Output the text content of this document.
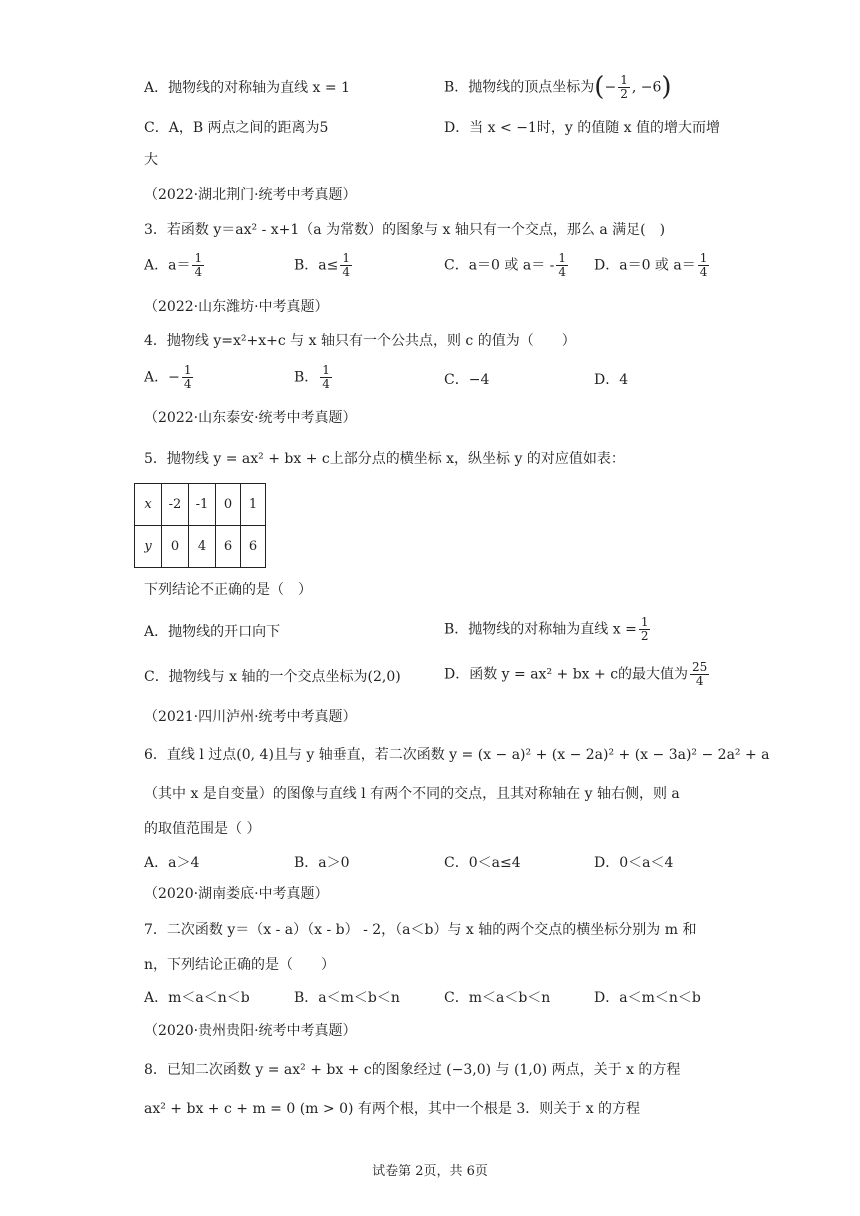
A．抛物线的对称轴为直线 x = 1	B．抛物线的顶点坐标为(− $\frac{1}{2}$ , −6)
C．A，B 两点之间的距离为5	D．当 x < −1时，y 的值随 x 值的增大而增
大
（2022·湖北荆门·统考中考真题）
3．若函数 y＝ax² - x+1（a 为常数）的图象与 x 轴只有一个交点，那么 a 满足(　)
A．$a= \frac{1}{4}$	B．$a\le \frac{1}{4}$	C．a＝0 或 $a= - \frac{1}{4}$ D．a＝0 或 $a= \frac{1}{4}$
（2022·山东潍坊·中考真题）
4．抛物线 y=x²+x+c 与 x 轴只有一个公共点，则 c 的值为（　　）
A．− $\frac{1}{4}$	B． $\frac{1}{4}$	C．−4	D．4
（2022·山东泰安·统考中考真题）
5．抛物线 y = ax² + bx + c上部分点的横坐标 x，纵坐标 y 的对应值如表：
x	-2	-1	0	1
y	0	4	6	6
下列结论不正确的是（　）
A．抛物线的开口向下	B．抛物线的对称轴为直线 $x = \frac{1}{2}$
C．抛物线与 x 轴的一个交点坐标为(2,0)	D．函数 y = ax² + bx + c的最大值为 $\frac{25}{4}$
（2021·四川泸州·统考中考真题）
6．直线 l 过点(0, 4)且与 y 轴垂直，若二次函数 y = (x − a)² + (x − 2a)² + (x − 3a)² − 2a² + a
（其中 x 是自变量）的图像与直线 l 有两个不同的交点，且其对称轴在 y 轴右侧，则 a
的取值范围是（ ）
A．a＞4	B．a＞0	C．0＜a≤4	D．0＜a＜4
（2020·湖南娄底·中考真题）
7．二次函数 y＝（x - a）（x - b） - 2，（a＜b）与 x 轴的两个交点的横坐标分别为 m 和
n，下列结论正确的是（　　）
A．m＜a＜n＜b	B．a＜m＜b＜n	C．m＜a＜b＜n	D．a＜m＜n＜b
（2020·贵州贵阳·统考中考真题）
8．已知二次函数 y = ax² + bx + c的图象经过 (−3,0) 与 (1,0) 两点，关于 x 的方程
ax² + bx + c + m = 0 (m > 0) 有两个根，其中一个根是 3．则关于 x 的方程
试卷第 2页，共 6页
